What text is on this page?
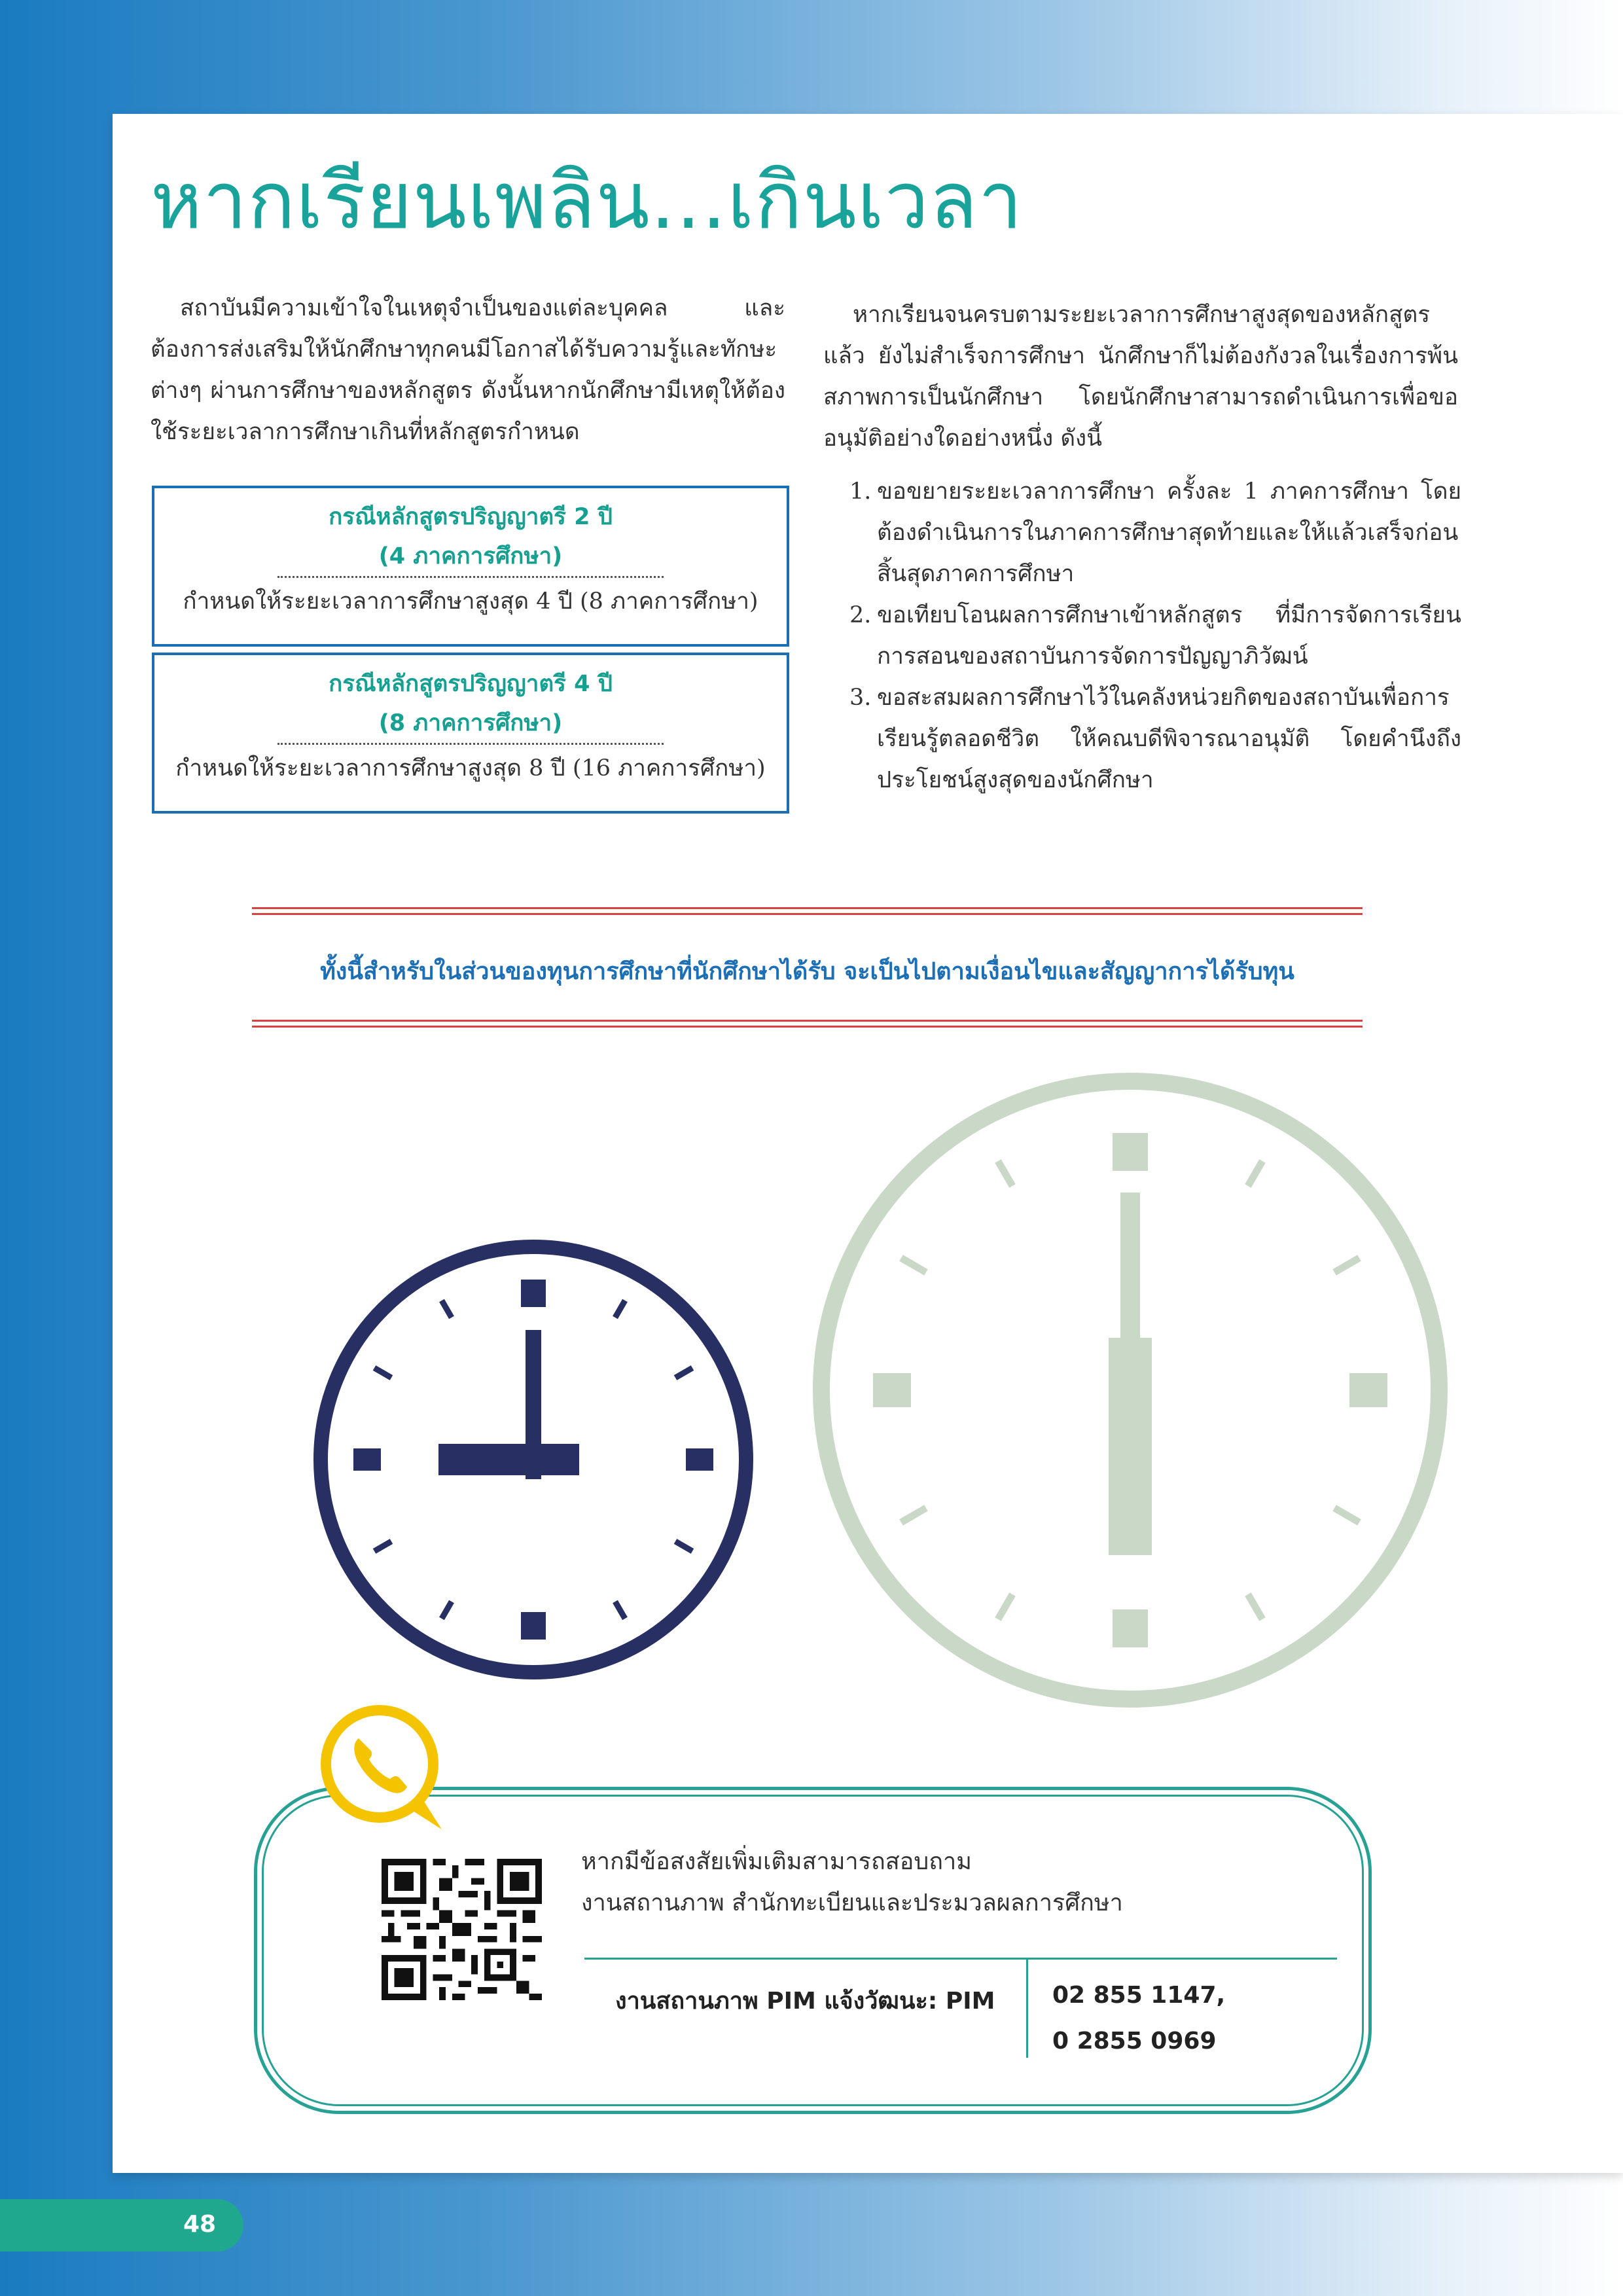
หากเรียนเพลิน...เกินเวลา
สถาบันมีความเข้าใจในเหตุจำเป็นของแต่ละบุคคล และต้องการส่งเสริมให้นักศึกษาทุกคนมีโอกาสได้รับความรู้และทักษะต่างๆ ผ่านการศึกษาของหลักสูตร ดังนั้นหากนักศึกษามีเหตุให้ต้องใช้ระยะเวลาการศึกษาเกินที่หลักสูตรกำหนด
กรณีหลักสูตรปริญญาตรี 2 ปี
(4 ภาคการศึกษา)
กำหนดให้ระยะเวลาการศึกษาสูงสุด 4 ปี (8 ภาคการศึกษา)
กรณีหลักสูตรปริญญาตรี 4 ปี
(8 ภาคการศึกษา)
กำหนดให้ระยะเวลาการศึกษาสูงสุด 8 ปี (16 ภาคการศึกษา)
หากเรียนจนครบตามระยะเวลาการศึกษาสูงสุดของหลักสูตรแล้ว ยังไม่สำเร็จการศึกษา นักศึกษาก็ไม่ต้องกังวลในเรื่องการพ้นสภาพการเป็นนักศึกษา โดยนักศึกษาสามารถดำเนินการเพื่อขออนุมัติอย่างใดอย่างหนึ่ง ดังนี้
1. ขอขยายระยะเวลาการศึกษา ครั้งละ 1 ภาคการศึกษา โดยต้องดำเนินการในภาคการศึกษาสุดท้ายและให้แล้วเสร็จก่อนสิ้นสุดภาคการศึกษา
2. ขอเทียบโอนผลการศึกษาเข้าหลักสูตร ที่มีการจัดการเรียนการสอนของสถาบันการจัดการปัญญาภิวัฒน์
3. ขอสะสมผลการศึกษาไว้ในคลังหน่วยกิตของสถาบันเพื่อการเรียนรู้ตลอดชีวิต ให้คณบดีพิจารณาอนุมัติ โดยคำนึงถึงประโยชน์สูงสุดของนักศึกษา
ทั้งนี้สำหรับในส่วนของทุนการศึกษาที่นักศึกษาได้รับ จะเป็นไปตามเงื่อนไขและสัญญาการได้รับทุน
หากมีข้อสงสัยเพิ่มเติมสามารถสอบถาม
งานสถานภาพ สำนักทะเบียนและประมวลผลการศึกษา
งานสถานภาพ PIM แจ้งวัฒนะ: PIM 02 855 1147,
0 2855 0969
48
